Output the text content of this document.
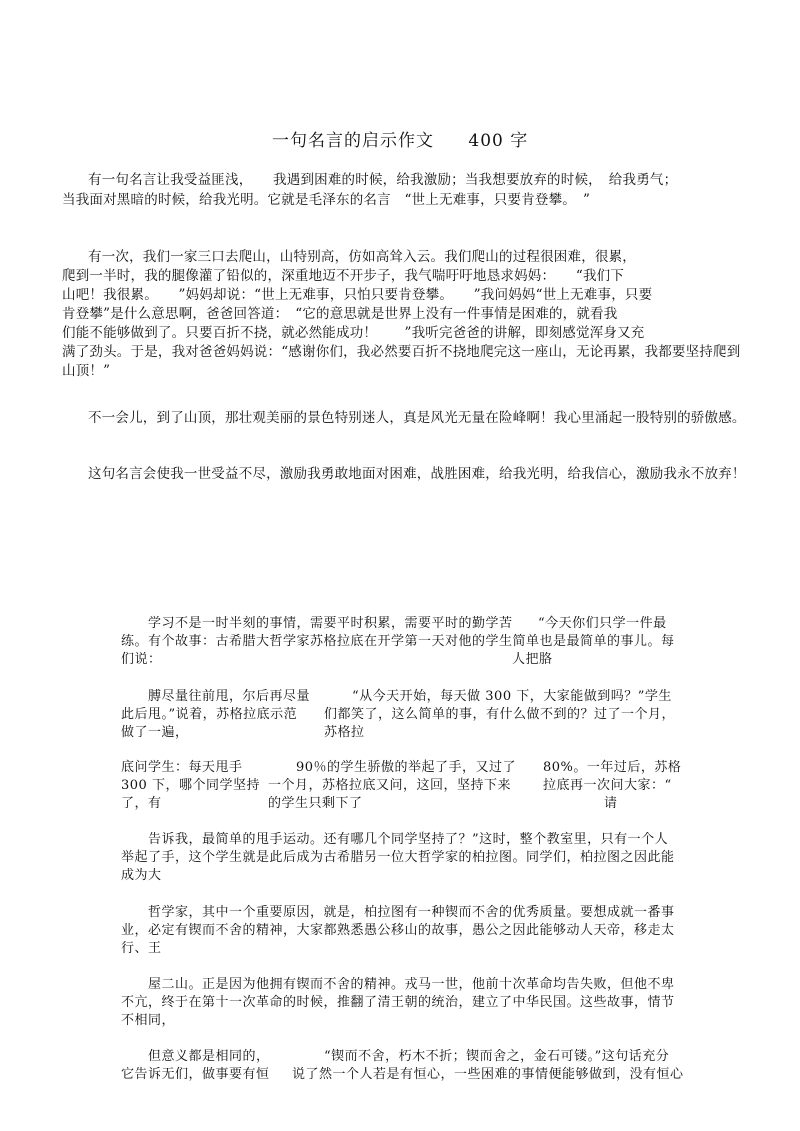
一句名言的启示作文 400 字
有一句名言让我受益匪浅，　　我遇到困难的时候，给我激励；当我想要放弃的时候，　给我勇气；
当我面对黑暗的时候，给我光明。它就是毛泽东的名言　“世上无难事，只要肯登攀。　”
有一次，我们一家三口去爬山，山特别高，仿如高耸入云。我们爬山的过程很困难，很累，
爬到一半时，我的腿像灌了铅似的，深重地迈不开步子，我气喘吁吁地恳求妈妈：　　“我们下
山吧！我很累。　　”妈妈却说：“世上无难事，只怕只要肯登攀。　　”我问妈妈“世上无难事，只要
肯登攀”是什么意思啊，爸爸回答道：　“它的意思就是世界上没有一件事情是困难的，就看我
们能不能够做到了。只要百折不挠，就必然能成功！　　”我听完爸爸的讲解，即刻感觉浑身又充
满了劲头。于是，我对爸爸妈妈说：“感谢你们，我必然要百折不挠地爬完这一座山，无论再累，我都要坚持爬到
山顶！”
不一会儿，到了山顶，那壮观美丽的景色特别迷人，真是风光无量在险峰啊！我心里涌起一股特别的骄傲感。
这句名言会使我一世受益不尽，激励我勇敢地面对困难，战胜困难，给我光明，给我信心，激励我永不放弃！
学习不是一时半刻的事情，需要平时积累，需要平时的勤学苦 “今天你们只学一件最
练。有个故事：古希腊大哲学家苏格拉底在开学第一天对他的学生简单也是最简单的事儿。每
们说：	人把胳
膊尽量往前甩，尔后再尽量	“从今天开始，每天做 300 下，大家能做到吗？”学生
此后甩。”说着，苏格拉底示范 们都笑了，这么简单的事，有什么做不到的？过了一个月，
做了一遍，	苏格拉
底问学生：每天甩手	90％的学生骄傲的举起了手，又过了 80%。一年过后，苏格
300 下，哪个同学坚持 一个月，苏格拉底又问，这回，坚持下来 拉底再一次问大家：“
了，有	的学生只剩下了	请
告诉我，最简单的甩手运动。还有哪几个同学坚持了？”这时，整个教室里，只有一个人
举起了手，这个学生就是此后成为古希腊另一位大哲学家的柏拉图。同学们，柏拉图之因此能
成为大
哲学家，其中一个重要原因，就是，柏拉图有一种锲而不舍的优秀质量。要想成就一番事
业，必定有锲而不舍的精神，大家都熟悉愚公移山的故事，愚公之因此能够动人天帝，移走太
行、王
屋二山。正是因为他拥有锲而不舍的精神。戎马一世，他前十次革命均告失败，但他不卑
不亢，终于在第十一次革命的时候，推翻了清王朝的统治，建立了中华民国。这些故事，情节
不相同，
但意义都是相同的，	“锲而不舍，朽木不折；锲而舍之，金石可镂。”这句话充分
它告诉无们，做事要有恒 说了然一个人若是有恒心，一些困难的事情便能够做到，没有恒心
